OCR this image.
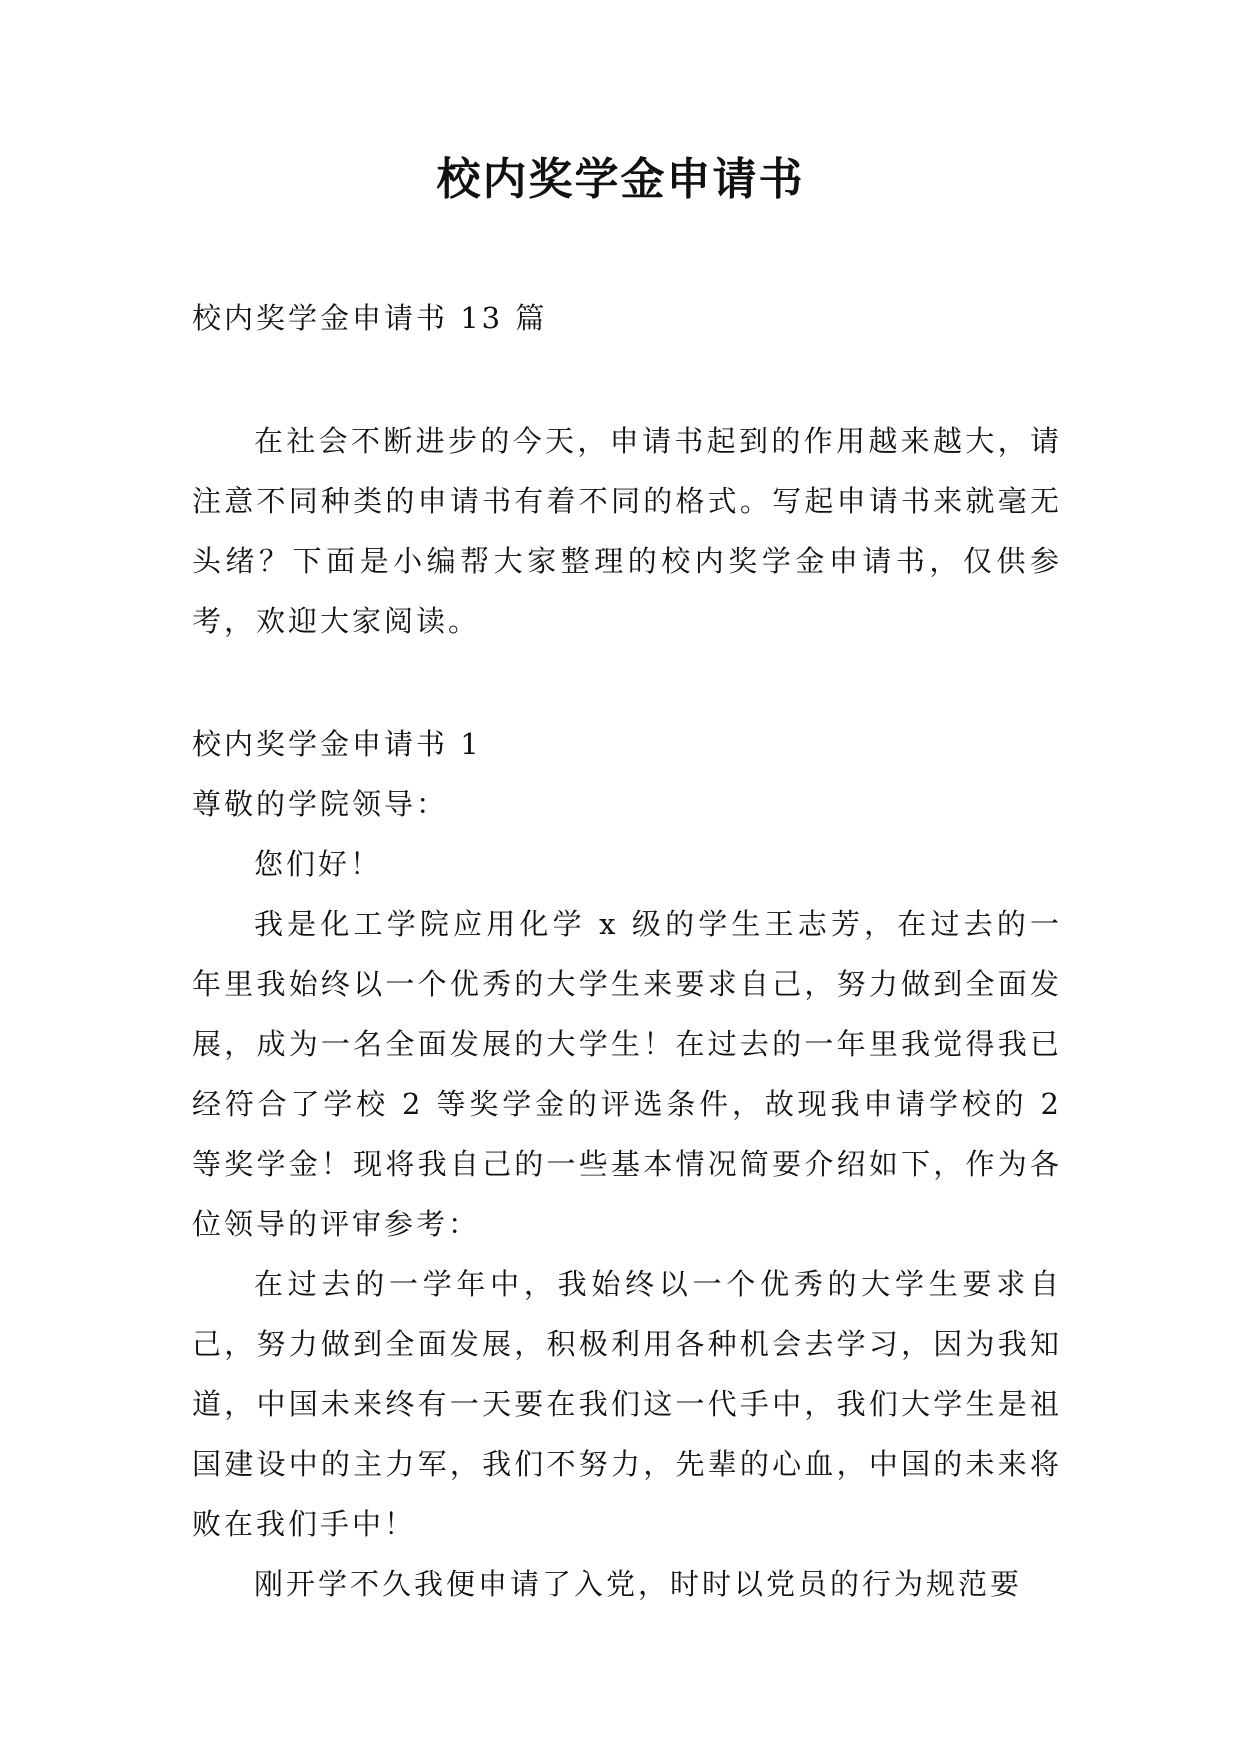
校内奖学金申请书

校内奖学金申请书 13 篇

在社会不断进步的今天，申请书起到的作用越来越大，请注意不同种类的申请书有着不同的格式。写起申请书来就毫无头绪？下面是小编帮大家整理的校内奖学金申请书，仅供参考，欢迎大家阅读。

校内奖学金申请书 1

尊敬的学院领导：

您们好！

我是化工学院应用化学 x 级的学生王志芳，在过去的一年里我始终以一个优秀的大学生来要求自己，努力做到全面发展，成为一名全面发展的大学生！在过去的一年里我觉得我已经符合了学校 2 等奖学金的评选条件，故现我申请学校的 2 等奖学金！现将我自己的一些基本情况简要介绍如下，作为各位领导的评审参考：

在过去的一学年中，我始终以一个优秀的大学生要求自己，努力做到全面发展，积极利用各种机会去学习，因为我知道，中国未来终有一天要在我们这一代手中，我们大学生是祖国建设中的主力军，我们不努力，先辈的心血，中国的未来将败在我们手中！

刚开学不久我便申请了入党，时时以党员的行为规范要
